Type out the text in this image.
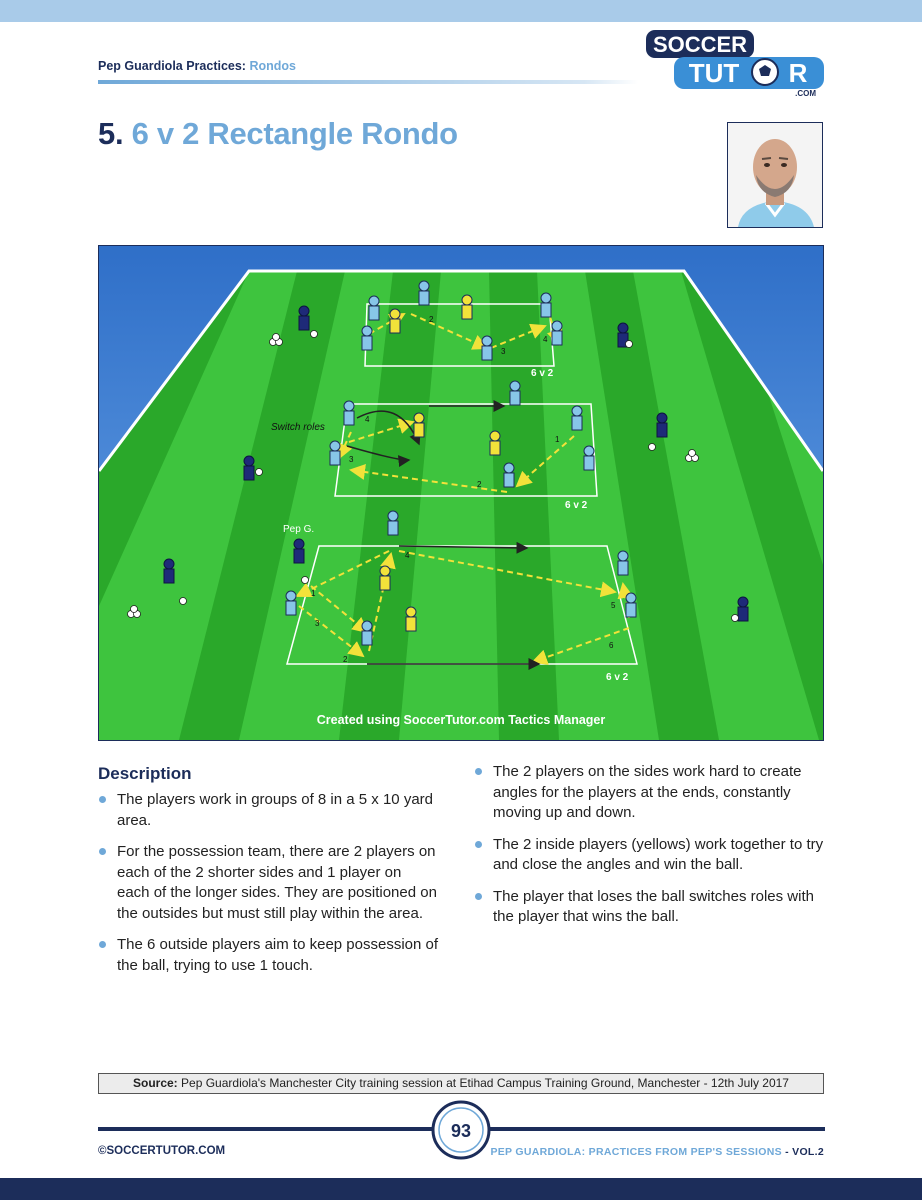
Pep Guardiola Practices: Rondos
SOCCER
TUT R
.COM
5. 6 v 2 Rectangle Rondo
6 v 2
6 v 2
6 v 2
Pep G.
Switch roles
2
3
4
1
2
3
4
4
1
3
2
5
6
Created using SoccerTutor.com Tactics Manager
Description
The players work in groups of 8 in a 5 x 10 yard area.
For the possession team, there are 2 players on each of the 2 shorter sides and 1 player on each of the longer sides. They are positioned on the outsides but must still play within the area.
The 6 outside players aim to keep possession of the ball, trying to use 1 touch.
The 2 players on the sides work hard to create angles for the players at the ends, constantly moving up and down.
The 2 inside players (yellows) work together to try and close the angles and win the ball.
The player that loses the ball switches roles with the player that wins the ball.
Source: Pep Guardiola's Manchester City training session at Etihad Campus Training Ground, Manchester - 12th July 2017
93
©SOCCERTUTOR.COM	PEP GUARDIOLA: PRACTICES FROM PEP'S SESSIONS - VOL.2
